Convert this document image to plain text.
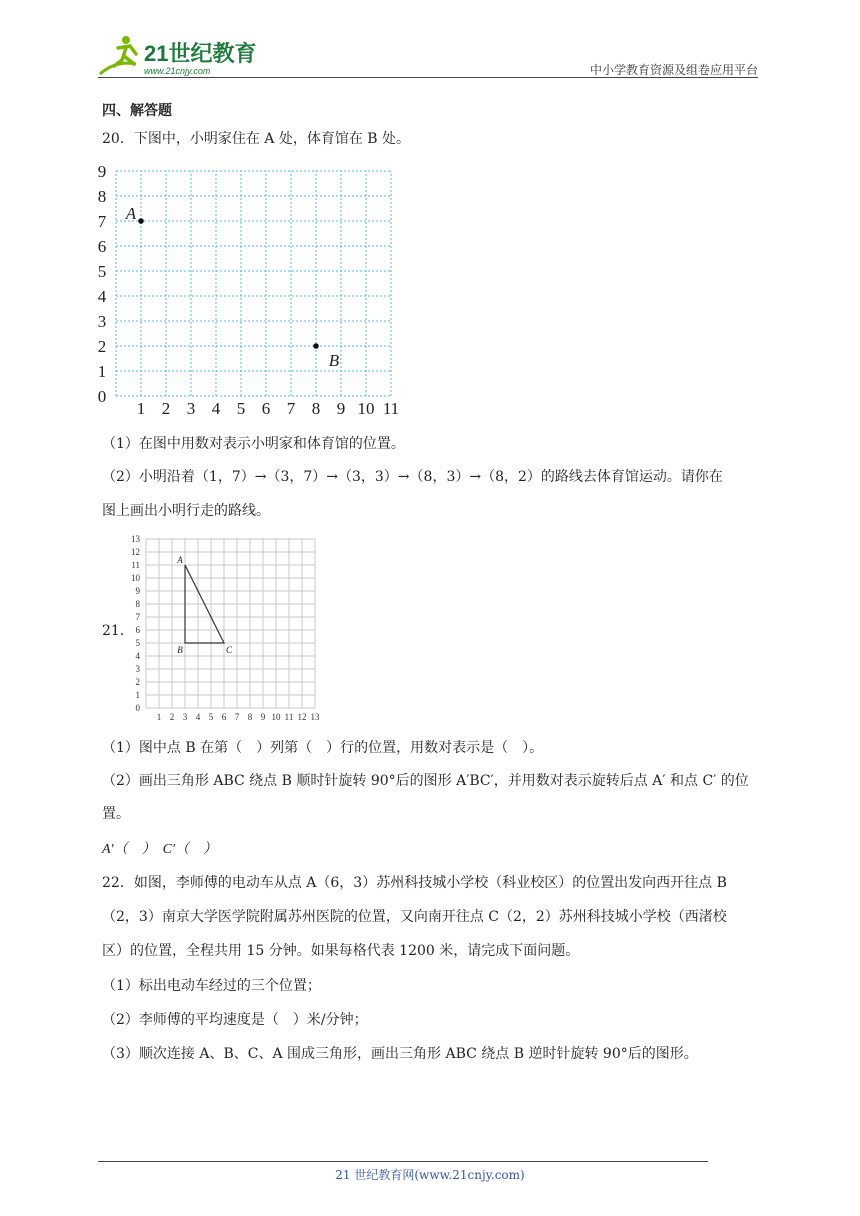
21世纪教育
www.21cnjy.com	中小学教育资源及组卷应用平台
四、解答题
20．下图中，小明家住在 A 处，体育馆在 B 处。
1 2 3 4 5 6 7 8 9 10 11
0
1
2
3
4
5
6
7
8
9
A
B
（1）在图中用数对表示小明家和体育馆的位置。
（2）小明沿着（1，7）→（3，7）→（3，3）→（8，3）→（8，2）的路线去体育馆运动。请你在
图上画出小明行走的路线。
21．
1 2 3 4 5 6 7 8 9 10 11 12 13
0
1
2
3
4
5
6
7
8
9
10
11
12
13
A
B	C
（1）图中点 B 在第（　）列第（　）行的位置，用数对表示是（　）。
（2）画出三角形 ABC 绕点 B 顺时针旋转 90°后的图形 A′BC′，并用数对表示旋转后点 A′ 和点 C′ 的位
置。
A′（　）　C′（　）
22．如图，李师傅的电动车从点 A（6，3）苏州科技城小学校（科业校区）的位置出发向西开往点 B
（2，3）南京大学医学院附属苏州医院的位置，又向南开往点 C（2，2）苏州科技城小学校（西渚校
区）的位置，全程共用 15 分钟。如果每格代表 1200 米，请完成下面问题。
（1）标出电动车经过的三个位置；
（2）李师傅的平均速度是（　）米/分钟；
（3）顺次连接 A、B、C、A 围成三角形，画出三角形 ABC 绕点 B 逆时针旋转 90°后的图形。
21 世纪教育网(www.21cnjy.com)
